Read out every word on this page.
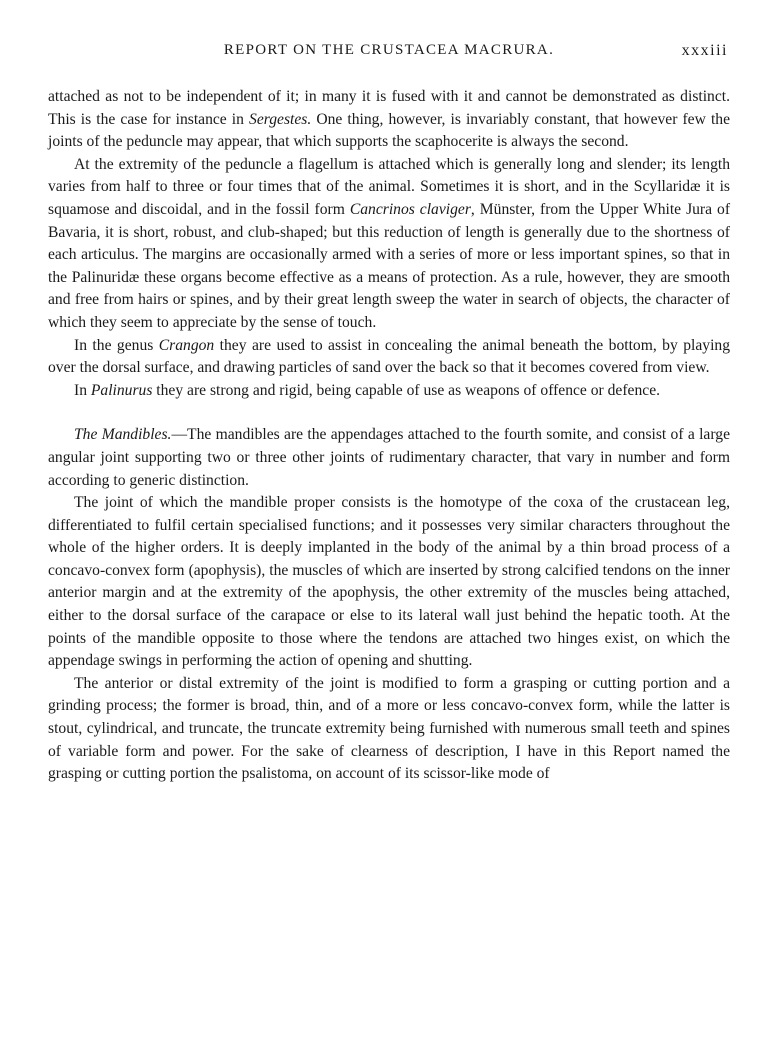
REPORT ON THE CRUSTACEA MACRURA.	xxxiii

attached as not to be independent of it; in many it is fused with it and cannot be demonstrated as distinct. This is the case for instance in Sergestes. One thing, however, is invariably constant, that however few the joints of the peduncle may appear, that which supports the scaphocerite is always the second.

At the extremity of the peduncle a flagellum is attached which is generally long and slender; its length varies from half to three or four times that of the animal. Sometimes it is short, and in the Scyllaridæ it is squamose and discoidal, and in the fossil form Cancrinos claviger, Münster, from the Upper White Jura of Bavaria, it is short, robust, and club-shaped; but this reduction of length is generally due to the shortness of each articulus. The margins are occasionally armed with a series of more or less important spines, so that in the Palinuridæ these organs become effective as a means of protection. As a rule, however, they are smooth and free from hairs or spines, and by their great length sweep the water in search of objects, the character of which they seem to appreciate by the sense of touch.

In the genus Crangon they are used to assist in concealing the animal beneath the bottom, by playing over the dorsal surface, and drawing particles of sand over the back so that it becomes covered from view.

In Palinurus they are strong and rigid, being capable of use as weapons of offence or defence.

The Mandibles.—The mandibles are the appendages attached to the fourth somite, and consist of a large angular joint supporting two or three other joints of rudimentary character, that vary in number and form according to generic distinction.

The joint of which the mandible proper consists is the homotype of the coxa of the crustacean leg, differentiated to fulfil certain specialised functions; and it possesses very similar characters throughout the whole of the higher orders. It is deeply implanted in the body of the animal by a thin broad process of a concavo-convex form (apophysis), the muscles of which are inserted by strong calcified tendons on the inner anterior margin and at the extremity of the apophysis, the other extremity of the muscles being attached, either to the dorsal surface of the carapace or else to its lateral wall just behind the hepatic tooth. At the points of the mandible opposite to those where the tendons are attached two hinges exist, on which the appendage swings in performing the action of opening and shutting.

The anterior or distal extremity of the joint is modified to form a grasping or cutting portion and a grinding process; the former is broad, thin, and of a more or less concavo-convex form, while the latter is stout, cylindrical, and truncate, the truncate extremity being furnished with numerous small teeth and spines of variable form and power. For the sake of clearness of description, I have in this Report named the grasping or cutting portion the psalistoma, on account of its scissor-like mode of
